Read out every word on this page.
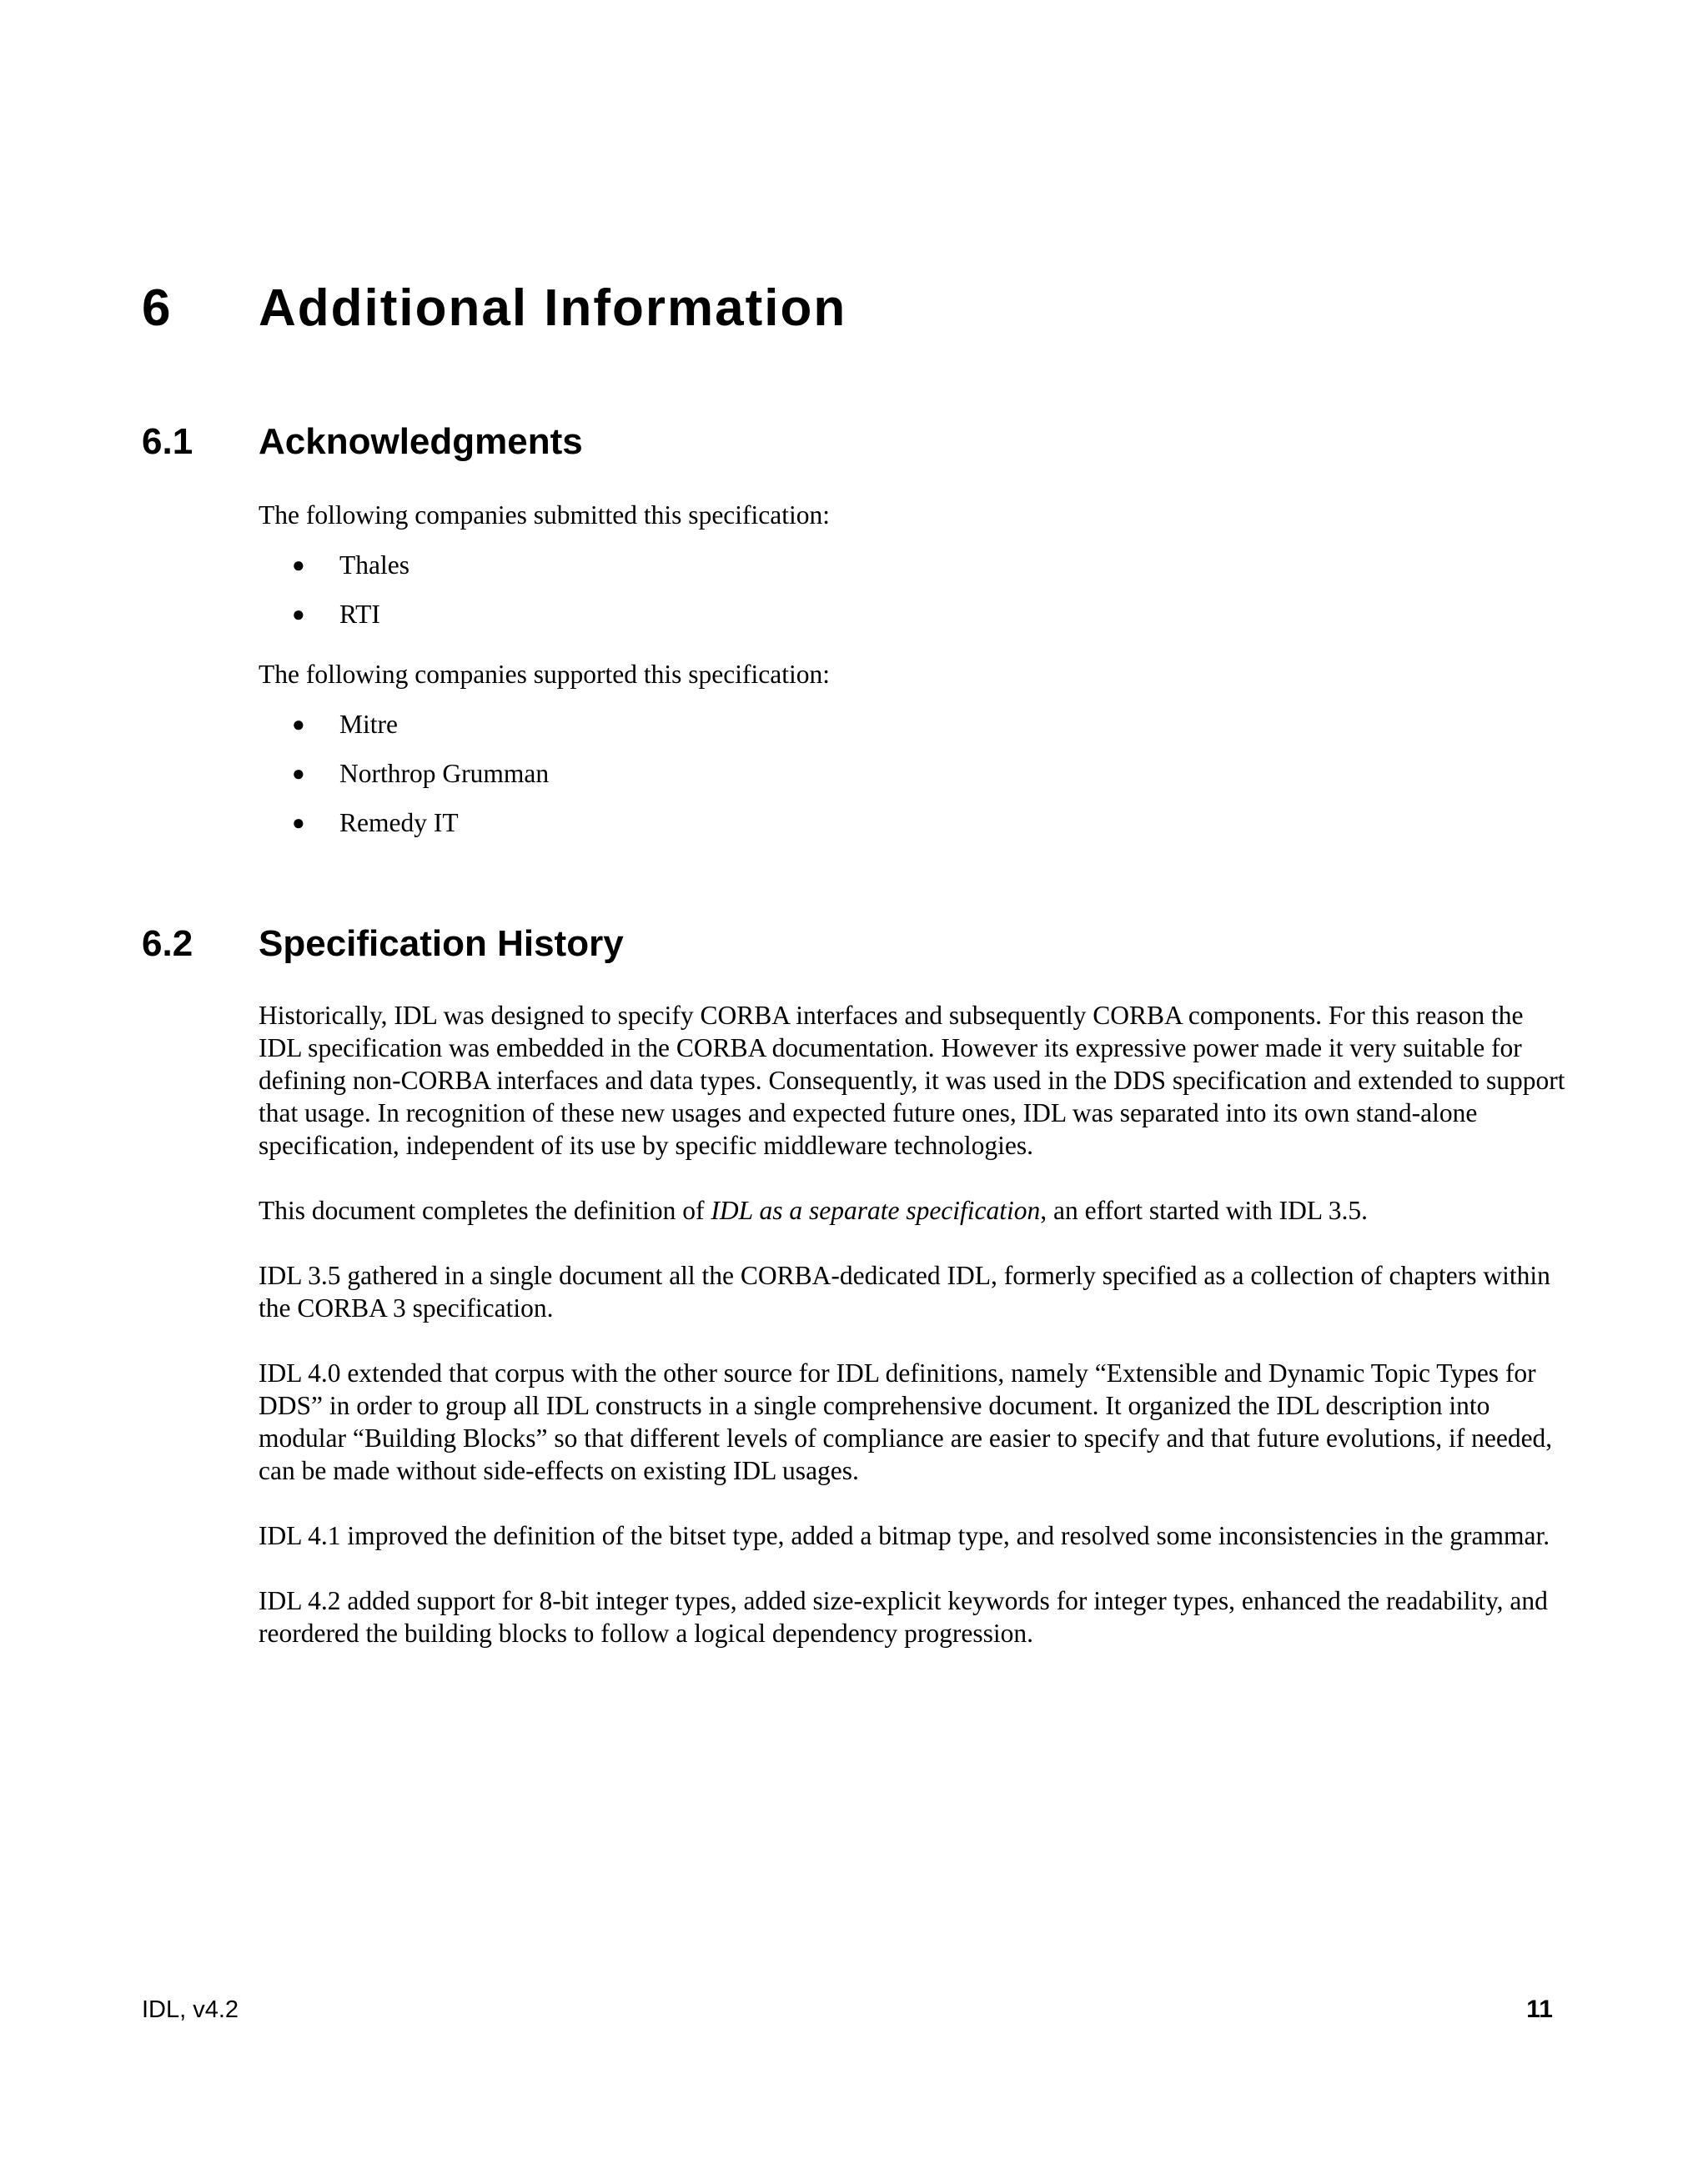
6 Additional Information
6.1 Acknowledgments

The following companies submitted this specification:

● Thales
● RTI

The following companies supported this specification:

● Mitre
● Northrop Grumman
● Remedy IT
6.2 Specification History

Historically, IDL was designed to specify CORBA interfaces and subsequently CORBA components. For this reason the IDL specification was embedded in the CORBA documentation. However its expressive power made it very suitable for defining non-CORBA interfaces and data types. Consequently, it was used in the DDS specification and extended to support that usage. In recognition of these new usages and expected future ones, IDL was separated into its own stand-alone specification, independent of its use by specific middleware technologies.

This document completes the definition of IDL as a separate specification, an effort started with IDL 3.5.

IDL 3.5 gathered in a single document all the CORBA-dedicated IDL, formerly specified as a collection of chapters within the CORBA 3 specification.

IDL 4.0 extended that corpus with the other source for IDL definitions, namely “Extensible and Dynamic Topic Types for DDS” in order to group all IDL constructs in a single comprehensive document. It organized the IDL description into modular “Building Blocks” so that different levels of compliance are easier to specify and that future evolutions, if needed, can be made without side-effects on existing IDL usages.

IDL 4.1 improved the definition of the bitset type, added a bitmap type, and resolved some inconsistencies in the grammar.

IDL 4.2 added support for 8-bit integer types, added size-explicit keywords for integer types, enhanced the readability, and reordered the building blocks to follow a logical dependency progression.

IDL, v4.2	11
